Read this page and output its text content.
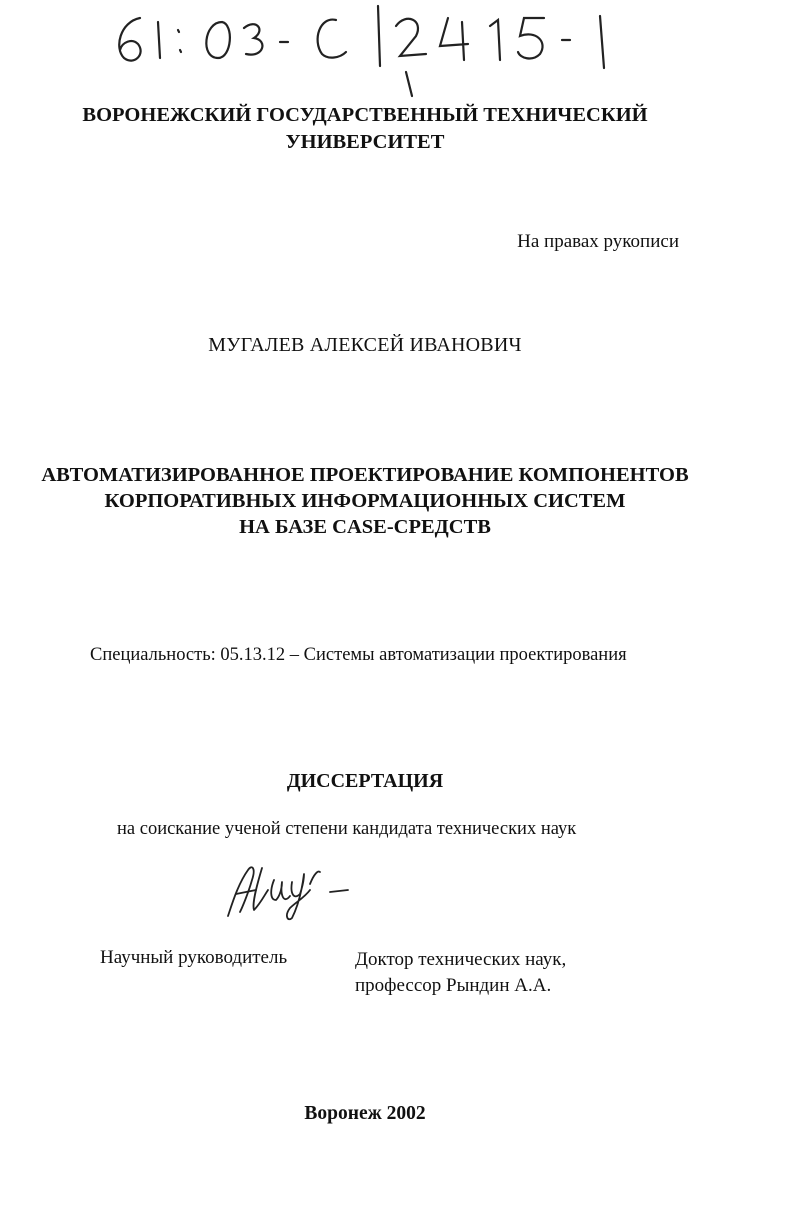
ВОРОНЕЖСКИЙ ГОСУДАРСТВЕННЫЙ ТЕХНИЧЕСКИЙ
УНИВЕРСИТЕТ
На правах рукописи
МУГАЛЕВ АЛЕКСЕЙ ИВАНОВИЧ
АВТОМАТИЗИРОВАННОЕ ПРОЕКТИРОВАНИЕ КОМПОНЕНТОВ
КОРПОРАТИВНЫХ ИНФОРМАЦИОННЫХ СИСТЕМ
НА БАЗЕ CASE-СРЕДСТВ
Специальность: 05.13.12 – Системы автоматизации проектирования
ДИССЕРТАЦИЯ
на соискание ученой степени кандидата технических наук
Научный руководитель	Доктор технических наук,
профессор Рындин А.А.
Воронеж 2002
